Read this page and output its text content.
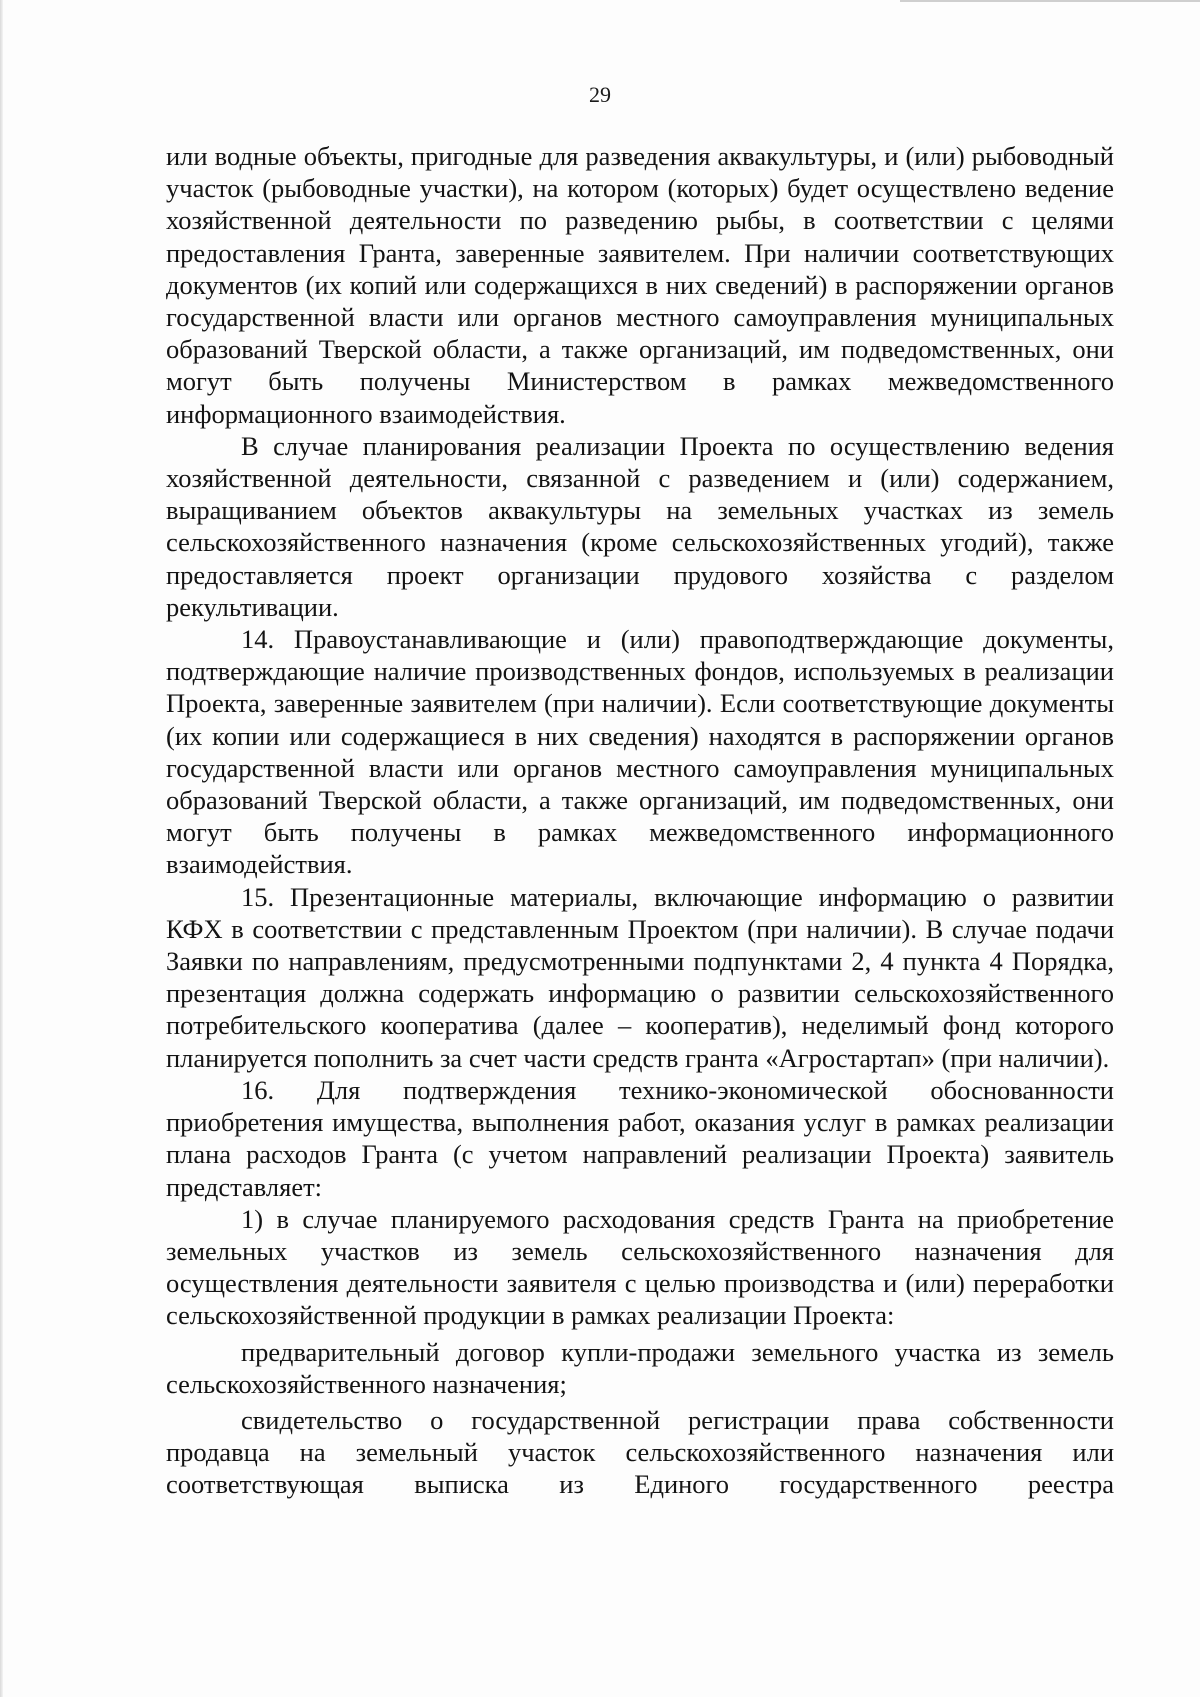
29

или водные объекты, пригодные для разведения аквакультуры, и (или) рыбоводный участок (рыбоводные участки), на котором (которых) будет осуществлено ведение хозяйственной деятельности по разведению рыбы, в соответствии с целями предоставления Гранта, заверенные заявителем. При наличии соответствующих документов (их копий или содержащихся в них сведений) в распоряжении органов государственной власти или органов местного самоуправления муниципальных образований Тверской области, а также организаций, им подведомственных, они могут быть получены Министерством в рамках межведомственного информационного взаимодействия.

В случае планирования реализации Проекта по осуществлению ведения хозяйственной деятельности, связанной с разведением и (или) содержанием, выращиванием объектов аквакультуры на земельных участках из земель сельскохозяйственного назначения (кроме сельскохозяйственных угодий), также предоставляется проект организации прудового хозяйства с разделом рекультивации.

14. Правоустанавливающие и (или) правоподтверждающие документы, подтверждающие наличие производственных фондов, используемых в реализации Проекта, заверенные заявителем (при наличии). Если соответствующие документы (их копии или содержащиеся в них сведения) находятся в распоряжении органов государственной власти или органов местного самоуправления муниципальных образований Тверской области, а также организаций, им подведомственных, они могут быть получены в рамках межведомственного информационного взаимодействия.

15. Презентационные материалы, включающие информацию о развитии КФХ в соответствии с представленным Проектом (при наличии). В случае подачи Заявки по направлениям, предусмотренными подпунктами 2, 4 пункта 4 Порядка, презентация должна содержать информацию о развитии сельскохозяйственного потребительского кооператива (далее – кооператив), неделимый фонд которого планируется пополнить за счет части средств гранта «Агростартап» (при наличии).

16. Для подтверждения технико-экономической обоснованности приобретения имущества, выполнения работ, оказания услуг в рамках реализации плана расходов Гранта (с учетом направлений реализации Проекта) заявитель представляет:

1) в случае планируемого расходования средств Гранта на приобретение земельных участков из земель сельскохозяйственного назначения для осуществления деятельности заявителя с целью производства и (или) переработки сельскохозяйственной продукции в рамках реализации Проекта:

предварительный договор купли-продажи земельного участка из земель сельскохозяйственного назначения;

свидетельство о государственной регистрации права собственности продавца на земельный участок сельскохозяйственного назначения или соответствующая выписка из Единого государственного реестра
